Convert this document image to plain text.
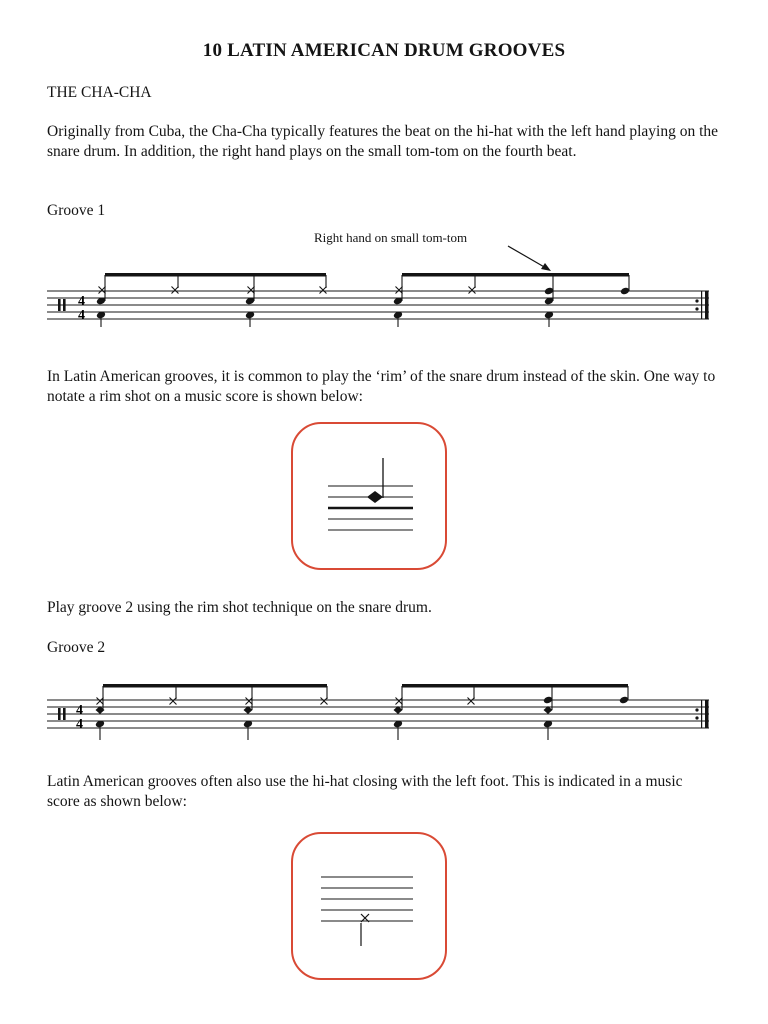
10 LATIN AMERICAN DRUM GROOVES

THE CHA-CHA

Originally from Cuba, the Cha-Cha typically features the beat on the hi-hat with the left hand playing on the snare drum. In addition, the right hand plays on the small tom-tom on the fourth beat.

Groove 1

Right hand on small tom-tom
4
4

In Latin American grooves, it is common to play the ‘rim’ of the snare drum instead of the skin. One way to notate a rim shot on a music score is shown below:

Play groove 2 using the rim shot technique on the snare drum.

Groove 2

4
4

Latin American grooves often also use the hi-hat closing with the left foot. This is indicated in a music score as shown below:
